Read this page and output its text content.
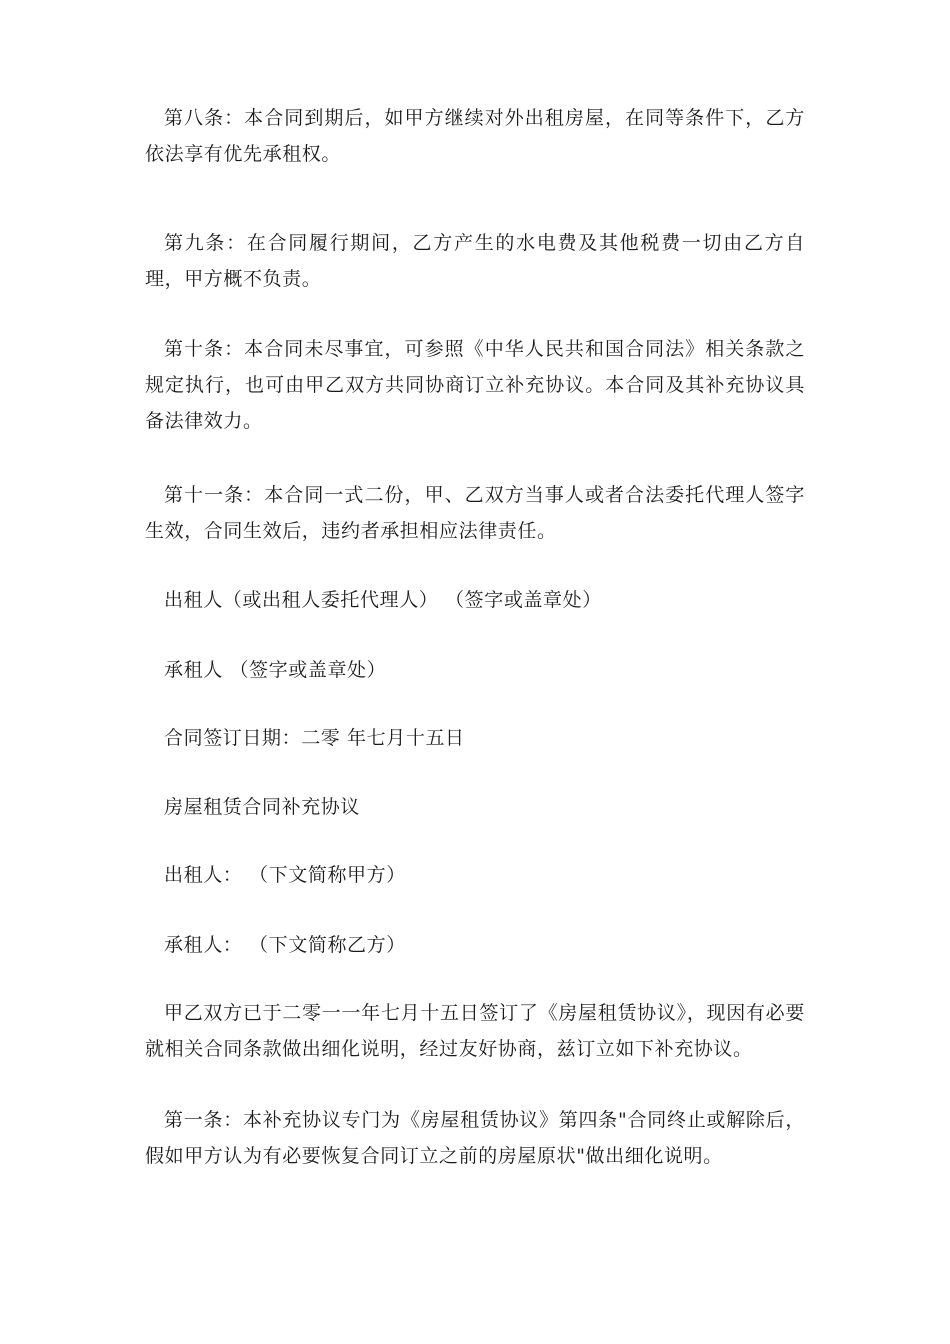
第八条：本合同到期后，如甲方继续对外出租房屋，在同等条件下，乙方依法享有优先承租权。

第九条：在合同履行期间，乙方产生的水电费及其他税费一切由乙方自理，甲方概不负责。

第十条：本合同未尽事宜，可参照《中华人民共和国合同法》相关条款之规定执行，也可由甲乙双方共同协商订立补充协议。本合同及其补充协议具备法律效力。

第十一条：本合同一式二份，甲、乙双方当事人或者合法委托代理人签字生效，合同生效后，违约者承担相应法律责任。

出租人（或出租人委托代理人） （签字或盖章处）

承租人 （签字或盖章处）

合同签订日期：二零 年七月十五日

房屋租赁合同补充协议

出租人： （下文简称甲方）

承租人： （下文简称乙方）

甲乙双方已于二零一一年七月十五日签订了《房屋租赁协议》，现因有必要就相关合同条款做出细化说明，经过友好协商，兹订立如下补充协议。

第一条：本补充协议专门为《房屋租赁协议》第四条"合同终止或解除后，假如甲方认为有必要恢复合同订立之前的房屋原状"做出细化说明。
